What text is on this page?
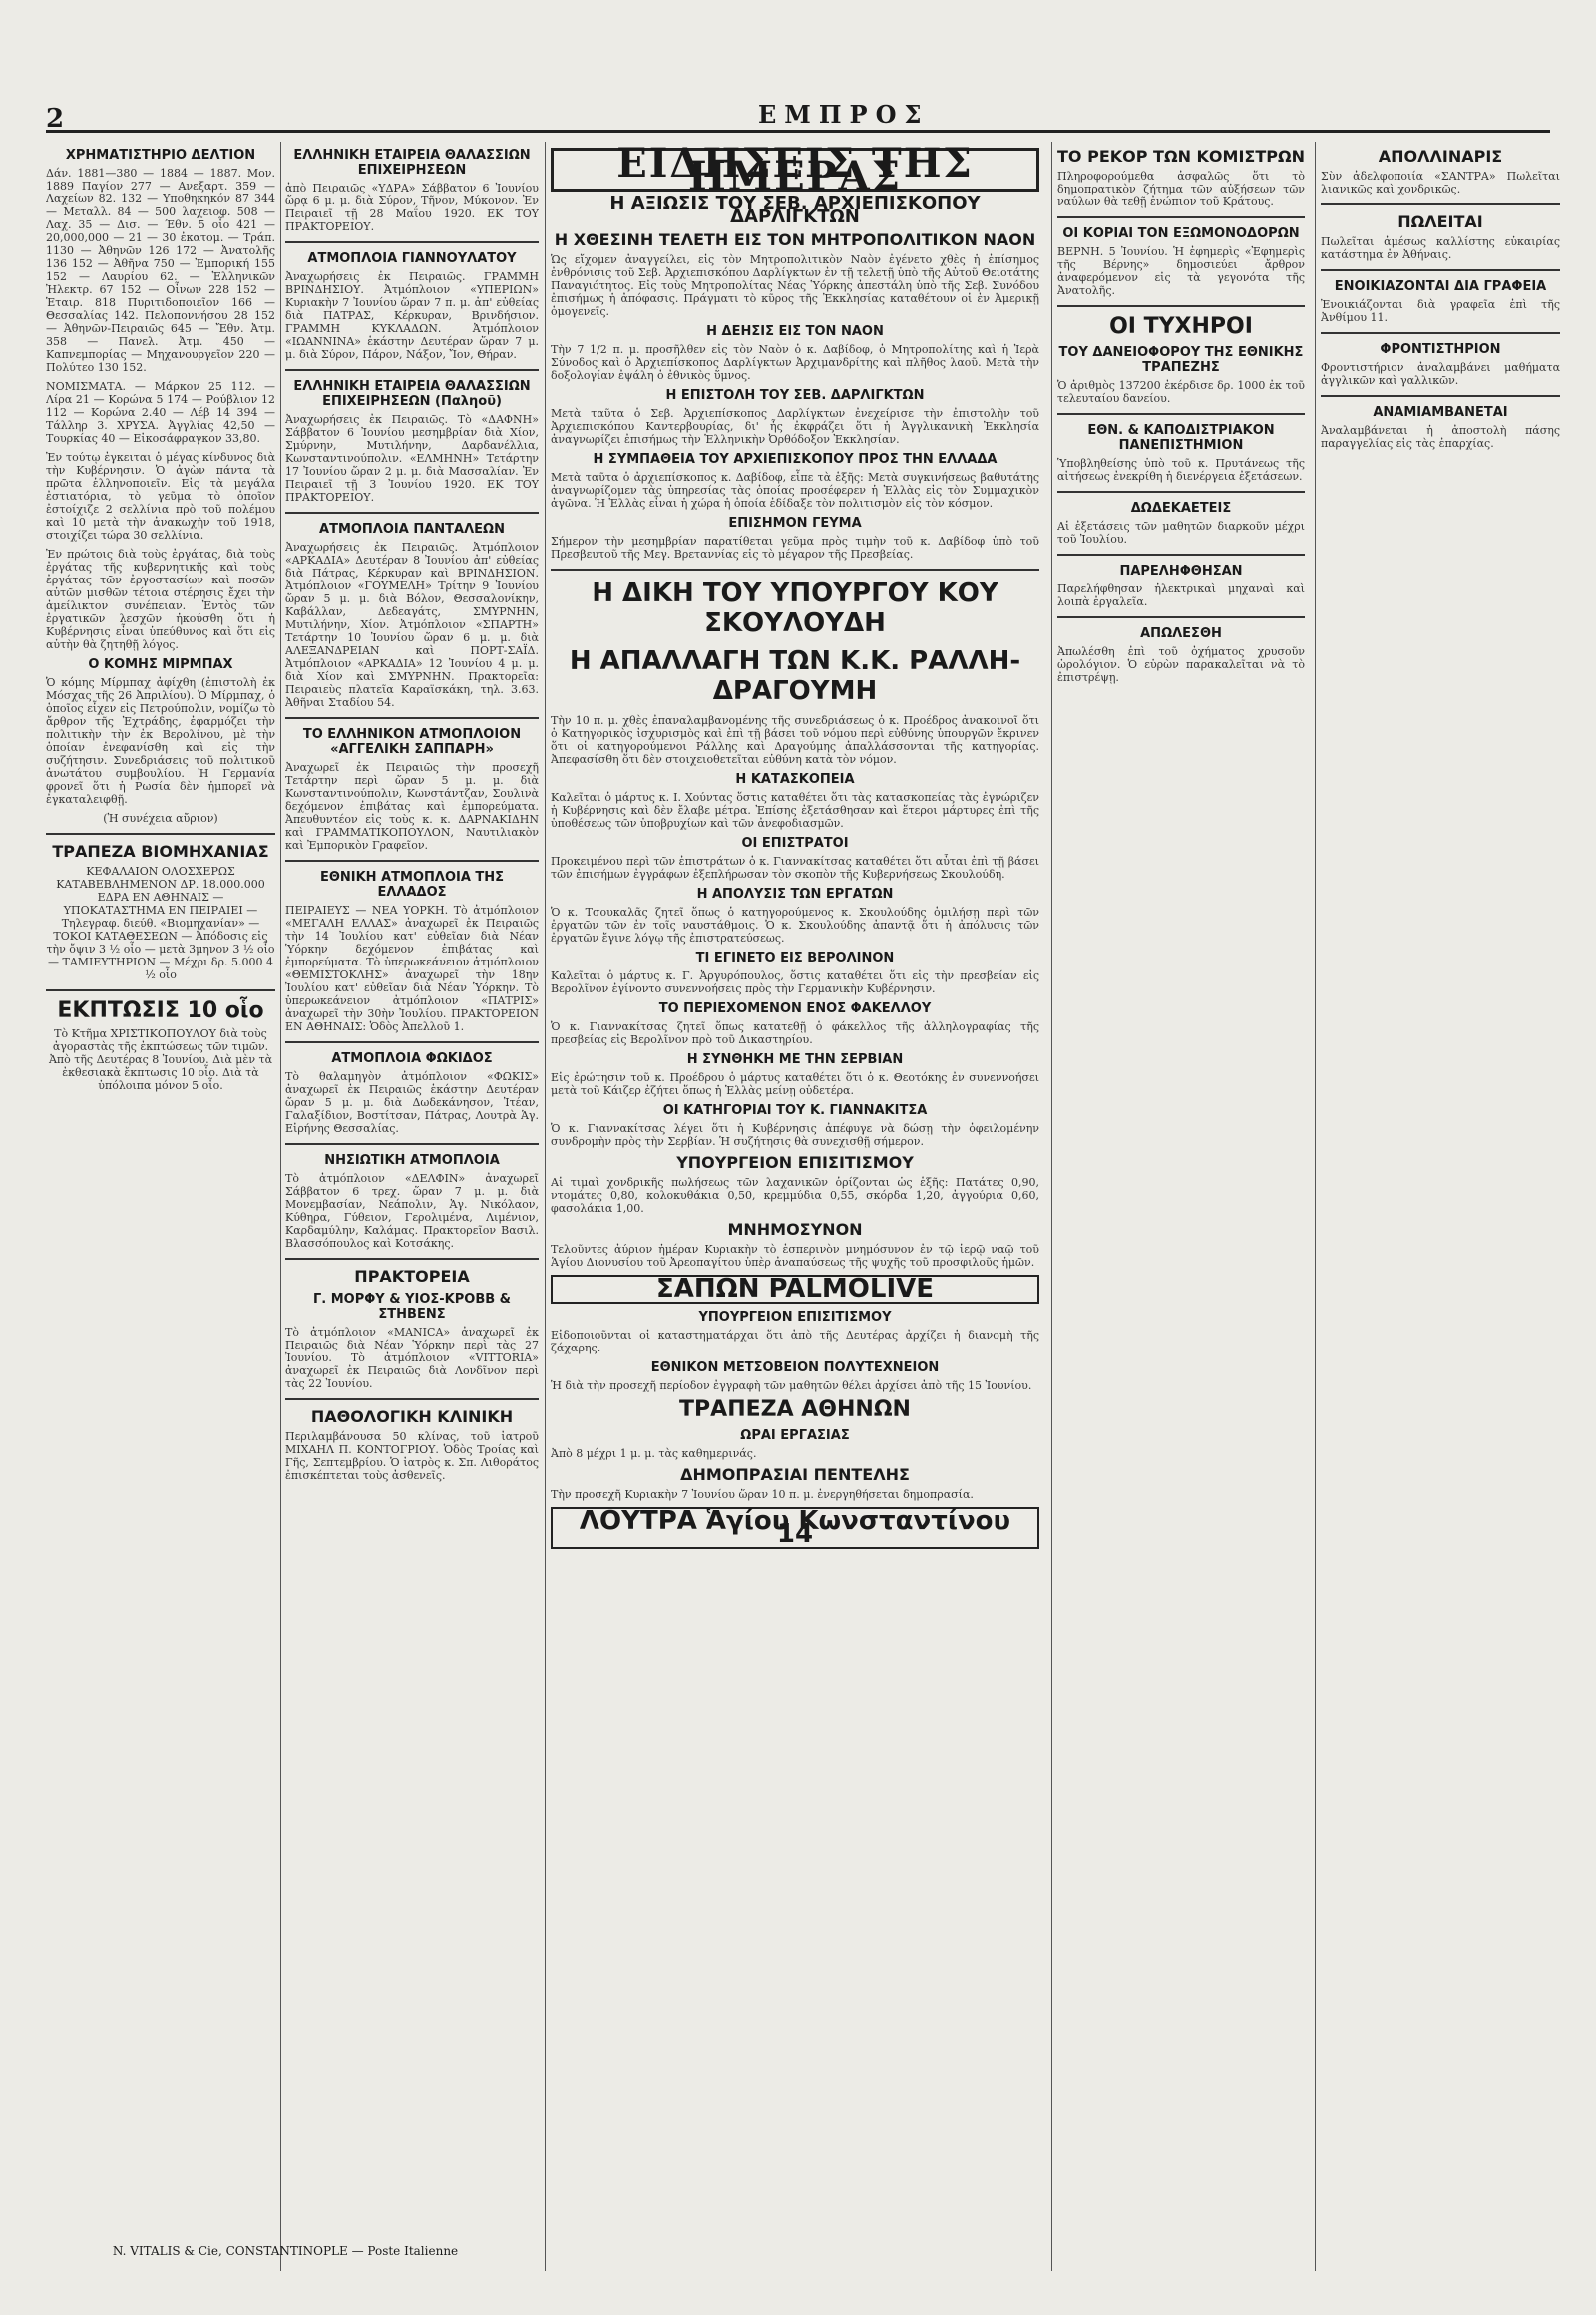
2	ΕΜΠΡΟΣ
ΧΡΗΜΑΤΙΣΤΗΡΙΟ ΔΕΛΤΙΟΝ
Δάν. 1881—380 — 1884 — 1887. Μον. 1889 Παγίον 277 — Ανεξαρτ. 359 — Λαχείων 82. 132 — Υποθηκηκόν 87 344 — Μεταλλ. 84 — 500 λαχειοφ. 508 — Λαχ. 35 — Δισ. — Έθν. 5 οἷο 421 — 20,000,000 — 21 — 30 ἐκατομ. — Τράπ. 1130 — Ἀθηνῶν 126 172 — Ἀνατολῆς 136 152 — Ἀθῆνα 750 — Ἐμπορική 155 152 — Λαυρίου 62. — Ἑλληνικῶν Ἠλεκτρ. 67 152 — Οἶνων 228 152 — Ἑταιρ. 818 Πυριτιδοποιεῖον 166 — Θεσσαλίας 142. Πελοποννήσου 28 152 — Ἀθηνῶν-Πειραιῶς 645 — Ἔθν. Ἀτμ. 358 — Πανελ. Ἀτμ. 450 — Καπνεμπορίας — Μηχανουργεῖον 220 — Πολύτεο 130 152.
ΝΟΜΙΣΜΑΤΑ. — Μάρκον 25 112. — Λίρα 21 — Κορώνα 5 174 — Ρούβλιον 12 112 — Κορώνα 2.40 — Λέβ 14 394 — Τάλληρ 3. ΧΡΥΣΑ. Ἀγγλίας 42,50 — Τουρκίας 40 — Εἰκοσάφραγκον 33,80.
Ἐν τούτῳ ἐγκειται ὁ μέγας κίνδυνος διὰ τὴν Κυβέρνησιν. Ὁ ἀγὼν πάντα τὰ πρῶτα ἑλληνοποιεῖν. Εἰς τὰ μεγάλα ἐστιατόρια, τὸ γεῦμα τὸ ὁποῖον ἐστοίχιζε 2 σελλίνια πρὸ τοῦ πολέμου καὶ 10 μετὰ τὴν ἀνακωχὴν τοῦ 1918, στοιχίζει τώρα 30 σελλίνια.
Ἐν πρώτοις διὰ τοὺς ἐργάτας, διὰ τοὺς ἐργάτας τῆς κυβερνητικῆς καὶ τοὺς ἐργάτας τῶν ἐργοστασίων καὶ ποσῶν αὐτῶν μισθῶν τέτοια στέρησις ἔχει τὴν ἀμείλικτον συνέπειαν. Ἐντὸς τῶν ἐργατικῶν λεσχῶν ἠκούσθη ὅτι ἡ Κυβέρνησις εἶναι ὑπεύθυνος καὶ ὅτι εἰς αὐτὴν θὰ ζητηθῇ λόγος.
Ο ΚΟΜΗΣ ΜΙΡΜΠΑΧ
Ὁ κόμης Μίρμπαχ ἀφίχθη (ἐπιστολὴ ἐκ Μόσχας τῆς 26 Ἀπριλίου). Ὁ Μίρμπαχ, ὁ ὁποῖος εἶχεν εἰς Πετρούπολιν, νομίζω τὸ ἄρθρον τῆς Ἐχτράδης, ἐφαρμόζει τὴν πολιτικὴν τὴν ἐκ Βερολίνου, μὲ τὴν ὁποίαν ἐνεφανίσθη καὶ εἰς τὴν συζήτησιν. Συνεδριάσεις τοῦ πολιτικοῦ ἀνωτάτου συμβουλίου. Ἡ Γερμανία φρονεῖ ὅτι ἡ Ρωσία δὲν ἠμπορεῖ νὰ ἐγκαταλειφθῇ.
(Ἡ συνέχεια αὔριον)
ΤΡΑΠΕΖΑ ΒΙΟΜΗΧΑΝΙΑΣ
ΚΕΦΑΛΑΙΟΝ ΟΛΟΣΧΕΡΩΣ ΚΑΤΑΒΕΒΛΗΜΕΝΟΝ ΔΡ. 18.000.000 ΕΔΡΑ ΕΝ ΑΘΗΝΑΙΣ — ΥΠΟΚΑΤΑΣΤΗΜΑ ΕΝ ΠΕΙΡΑΙΕΙ — Τηλεγραφ. διεύθ. «Βιομηχανίαν» — ΤΟΚΟΙ ΚΑΤΑΘΕΣΕΩΝ — Ἀπόδοσις εἰς τὴν ὄψιν 3 ½ οἷο — μετὰ 3μηνον 3 ½ οἷο — ΤΑΜΙΕΥΤΗΡΙΟΝ — Μέχρι δρ. 5.000 4 ½ οἷο
ΕΚΠΤΩΣΙΣ 10 οἷο
Τὸ Κτῆμα ΧΡΙΣΤΙΚΟΠΟΥΛΟΥ διὰ τοὺς ἀγοραστὰς τῆς ἐκπτώσεως τῶν τιμῶν. Ἀπὸ τῆς Δευτέρας 8 Ἰουνίου. Διὰ μὲν τὰ ἐκθεσιακὰ ἔκπτωσις 10 οἷο. Διὰ τὰ ὑπόλοιπα μόνον 5 οἷο.
ΕΛΛΗΝΙΚΗ ΕΤΑΙΡΕΙΑ ΘΑΛΑΣΣΙΩΝ ΕΠΙΧΕΙΡΗΣΕΩΝ
ἀπὸ Πειραιῶς «ΥΔΡΑ» Σάββατον 6 Ἰουνίου ὥρᾳ 6 μ. μ. διὰ Σύρον, Τῆνον, Μύκονον. Ἐν Πειραιεῖ τῇ 28 Μαΐου 1920. ΕΚ ΤΟΥ ΠΡΑΚΤΟΡΕΙΟΥ.
ΑΤΜΟΠΛΟΙΑ ΓΙΑΝΝΟΥΛΑΤΟΥ
Ἀναχωρήσεις ἐκ Πειραιῶς. ΓΡΑΜΜΗ ΒΡΙΝΔΗΣΙΟΥ. Ἀτμόπλοιον «ΥΠΕΡΙΩΝ» Κυριακὴν 7 Ἰουνίου ὥραν 7 π. μ. ἀπ' εὐθείας διὰ ΠΑΤΡΑΣ, Κέρκυραν, Βρινδήσιον. ΓΡΑΜΜΗ ΚΥΚΛΑΔΩΝ. Ἀτμόπλοιον «ΙΩΑΝΝΙΝΑ» ἑκάστην Δευτέραν ὥραν 7 μ. μ. διὰ Σύρον, Πάρον, Νάξον, Ἴον, Θήραν.
ΕΛΛΗΝΙΚΗ ΕΤΑΙΡΕΙΑ ΘΑΛΑΣΣΙΩΝ ΕΠΙΧΕΙΡΗΣΕΩΝ (Παληοῦ)
Ἀναχωρήσεις ἐκ Πειραιῶς. Τὸ «ΔΑΦΝΗ» Σάββατον 6 Ἰουνίου μεσημβρίαν διὰ Χίον, Σμύρνην, Μυτιλήνην, Δαρδανέλλια, Κωνσταντινούπολιν. «ΕΛΜΗΝΗ» Τετάρτην 17 Ἰουνίου ὥραν 2 μ. μ. διὰ Μασσαλίαν. Ἐν Πειραιεῖ τῇ 3 Ἰουνίου 1920. ΕΚ ΤΟΥ ΠΡΑΚΤΟΡΕΙΟΥ.
ΑΤΜΟΠΛΟΙΑ ΠΑΝΤΑΛΕΩΝ
Ἀναχωρήσεις ἐκ Πειραιῶς. Ἀτμόπλοιον «ΑΡΚΑΔΙΑ» Δευτέραν 8 Ἰουνίου ἀπ' εὐθείας διὰ Πάτρας, Κέρκυραν καὶ ΒΡΙΝΔΗΣΙΟΝ. Ἀτμόπλοιον «ΓΟΥΜΕΛΗ» Τρίτην 9 Ἰουνίου ὥραν 5 μ. μ. διὰ Βόλον, Θεσσαλονίκην, Καβάλλαν, Δεδεαγάτς, ΣΜΥΡΝΗΝ, Μυτιλήνην, Χίον. Ἀτμόπλοιον «ΣΠΑΡΤΗ» Τετάρτην 10 Ἰουνίου ὥραν 6 μ. μ. διὰ ΑΛΕΞΑΝΔΡΕΙΑΝ καὶ ΠΟΡΤ-ΣΑΪΔ. Ἀτμόπλοιον «ΑΡΚΑΔΙΑ» 12 Ἰουνίου 4 μ. μ. διὰ Χίον καὶ ΣΜΥΡΝΗΝ. Πρακτορεῖα: Πειραιεὺς πλατεῖα Καραϊσκάκη, τηλ. 3.63. Ἀθῆναι Σταδίου 54.
ΤΟ ΕΛΛΗΝΙΚΟΝ ΑΤΜΟΠΛΟΙΟΝ «ΑΓΓΕΛΙΚΗ ΣΑΠΠΑΡΗ»
Ἀναχωρεῖ ἐκ Πειραιῶς τὴν προσεχῆ Τετάρτην περὶ ὥραν 5 μ. μ. διὰ Κωνσταντινούπολιν, Κωνστάντζαν, Σουλινὰ δεχόμενον ἐπιβάτας καὶ ἐμπορεύματα. Ἀπευθυντέον εἰς τοὺς κ. κ. ΔΑΡΝΑΚΙΔΗΝ καὶ ΓΡΑΜΜΑΤΙΚΟΠΟΥΛΟΝ, Ναυτιλιακὸν καὶ Ἐμπορικὸν Γραφεῖον.
ΕΘΝΙΚΗ ΑΤΜΟΠΛΟΙΑ ΤΗΣ ΕΛΛΑΔΟΣ
ΠΕΙΡΑΙΕΥΣ — ΝΕΑ ΥΟΡΚΗ. Τὸ ἀτμόπλοιον «ΜΕΓΑΛΗ ΕΛΛΑΣ» ἀναχωρεῖ ἐκ Πειραιῶς τὴν 14 Ἰουλίου κατ' εὐθεῖαν διὰ Νέαν Ὑόρκην δεχόμενον ἐπιβάτας καὶ ἐμπορεύματα. Τὸ ὑπερωκεάνειον ἀτμόπλοιον «ΘΕΜΙΣΤΟΚΛΗΣ» ἀναχωρεῖ τὴν 18ην Ἰουλίου κατ' εὐθεῖαν διὰ Νέαν Ὑόρκην. Τὸ ὑπερωκεάνειον ἀτμόπλοιον «ΠΑΤΡΙΣ» ἀναχωρεῖ τὴν 30ὴν Ἰουλίου. ΠΡΑΚΤΟΡΕΙΟΝ ΕΝ ΑΘΗΝΑΙΣ: Ὁδὸς Ἀπελλοῦ 1.
ΑΤΜΟΠΛΟΙΑ ΦΩΚΙΔΟΣ
Τὸ θαλαμηγὸν ἀτμόπλοιον «ΦΩΚΙΣ» ἀναχωρεῖ ἐκ Πειραιῶς ἑκάστην Δευτέραν ὥραν 5 μ. μ. διὰ Δωδεκάνησον, Ἰτέαν, Γαλαξίδιον, Βοστίτσαν, Πάτρας, Λουτρὰ Ἁγ. Εἰρήνης Θεσσαλίας.
ΝΗΣΙΩΤΙΚΗ ΑΤΜΟΠΛΟΙΑ
Τὸ ἀτμόπλοιον «ΔΕΛΦΙΝ» ἀναχωρεῖ Σάββατον 6 τρεχ. ὥραν 7 μ. μ. διὰ Μονεμβασίαν, Νεάπολιν, Ἁγ. Νικόλαον, Κύθηρα, Γύθειον, Γερολιμένα, Λιμένιον, Καρδαμύλην, Καλάμας. Πρακτορεῖον Βασιλ. Βλασσόπουλος καὶ Κοτσάκης.
ΠΡΑΚΤΟΡΕΙΑ
Γ. ΜΟΡΦΥ & ΥΙΟΣ-ΚΡΟΒΒ & ΣΤΗΒΕΝΣ
Τὸ ἀτμόπλοιον «MANICA» ἀναχωρεῖ ἐκ Πειραιῶς διὰ Νέαν Ὑόρκην περὶ τὰς 27 Ἰουνίου. Τὸ ἀτμόπλοιον «VITTORIA» ἀναχωρεῖ ἐκ Πειραιῶς διὰ Λονδῖνον περὶ τὰς 22 Ἰουνίου.
ΠΑΘΟΛΟΓΙΚΗ ΚΛΙΝΙΚΗ
Περιλαμβάνουσα 50 κλίνας, τοῦ ἰατροῦ ΜΙΧΑΗΛ Π. ΚΟΝΤΟΓΡΙΟΥ. Ὁδὸς Τροίας καὶ Γῆς, Σεπτεμβρίου. Ὁ ἰατρὸς κ. Σπ. Λιθοράτος ἐπισκέπτεται τοὺς ἀσθενεῖς.
ΕΙΔΗΣΕΙΣ ΤΗΣ ΗΜΕΡΑΣ
Η ΑΞΙΩΣΙΣ ΤΟΥ ΣΕΒ. ΑΡΧΙΕΠΙΣΚΟΠΟΥ ΔΑΡΛΙΓΚΤΩΝ
Η ΧΘΕΣΙΝΗ ΤΕΛΕΤΗ ΕΙΣ ΤΟΝ ΜΗΤΡΟΠΟΛΙΤΙΚΟΝ ΝΑΟΝ
Ὡς εἴχομεν ἀναγγείλει, εἰς τὸν Μητροπολιτικὸν Ναὸν ἐγένετο χθὲς ἡ ἐπίσημος ἐνθρόνισις τοῦ Σεβ. Ἀρχιεπισκόπου Δαρλίγκτων ἐν τῇ τελετῇ ὑπὸ τῆς Αὐτοῦ Θειοτάτης Παναγιότητος. Εἰς τοὺς Μητροπολίτας Νέας Ὑόρκης ἀπεστάλη ὑπὸ τῆς Σεβ. Συνόδου ἐπισήμως ἡ ἀπόφασις. Πράγματι τὸ κῦρος τῆς Ἐκκλησίας καταθέτουν οἱ ἐν Ἀμερικῇ ὁμογενεῖς.
Η ΔΕΗΣΙΣ ΕΙΣ ΤΟΝ ΝΑΟΝ
Τὴν 7 1/2 π. μ. προσῆλθεν εἰς τὸν Ναὸν ὁ κ. Δαβίδοφ, ὁ Μητροπολίτης καὶ ἡ Ἱερὰ Σύνοδος καὶ ὁ Ἀρχιεπίσκοπος Δαρλίγκτων Ἀρχιμανδρίτης καὶ πλῆθος λαοῦ. Μετὰ τὴν δοξολογίαν ἐψάλη ὁ ἐθνικὸς ὕμνος.
Η ΕΠΙΣΤΟΛΗ ΤΟΥ ΣΕΒ. ΔΑΡΛΙΓΚΤΩΝ
Μετὰ ταῦτα ὁ Σεβ. Ἀρχιεπίσκοπος Δαρλίγκτων ἐνεχείρισε τὴν ἐπιστολὴν τοῦ Ἀρχιεπισκόπου Καντερβουρίας, δι' ἧς ἐκφράζει ὅτι ἡ Ἀγγλικανικὴ Ἐκκλησία ἀναγνωρίζει ἐπισήμως τὴν Ἑλληνικὴν Ὀρθόδοξον Ἐκκλησίαν.
Η ΣΥΜΠΑΘΕΙΑ ΤΟΥ ΑΡΧΙΕΠΙΣΚΟΠΟΥ ΠΡΟΣ ΤΗΝ ΕΛΛΑΔΑ
Μετὰ ταῦτα ὁ ἀρχιεπίσκοπος κ. Δαβίδοφ, εἶπε τὰ ἑξῆς: Μετὰ συγκινήσεως βαθυτάτης ἀναγνωρίζομεν τὰς ὑπηρεσίας τὰς ὁποίας προσέφερεν ἡ Ἑλλὰς εἰς τὸν Συμμαχικὸν ἀγῶνα. Ἡ Ἑλλὰς εἶναι ἡ χώρα ἡ ὁποία ἐδίδαξε τὸν πολιτισμὸν εἰς τὸν κόσμον.
ΕΠΙΣΗΜΟΝ ΓΕΥΜΑ
Σήμερον τὴν μεσημβρίαν παρατίθεται γεῦμα πρὸς τιμὴν τοῦ κ. Δαβίδοφ ὑπὸ τοῦ Πρεσβευτοῦ τῆς Μεγ. Βρεταννίας εἰς τὸ μέγαρον τῆς Πρεσβείας.
Η ΔΙΚΗ ΤΟΥ ΥΠΟΥΡΓΟΥ ΚΟΥ ΣΚΟΥΛΟΥΔΗ
Η ΑΠΑΛΛΑΓΗ ΤΩΝ Κ.Κ. ΡΑΛΛΗ-ΔΡΑΓΟΥΜΗ
Τὴν 10 π. μ. χθὲς ἐπαναλαμβανομένης τῆς συνεδριάσεως ὁ κ. Προέδρος ἀνακοινοῖ ὅτι ὁ Κατηγορικὸς ἰσχυρισμὸς καὶ ἐπὶ τῇ βάσει τοῦ νόμου περὶ εὐθύνης ὑπουργῶν ἔκρινεν ὅτι οἱ κατηγορούμενοι Ράλλης καὶ Δραγούμης ἀπαλλάσσονται τῆς κατηγορίας. Ἀπεφασίσθη ὅτι δὲν στοιχειοθετεῖται εὐθύνη κατὰ τὸν νόμον.
Η ΚΑΤΑΣΚΟΠΕΙΑ
Καλεῖται ὁ μάρτυς κ. Ι. Χούντας ὅστις καταθέτει ὅτι τὰς κατασκοπείας τὰς ἐγνώριζεν ἡ Κυβέρνησις καὶ δὲν ἔλαβε μέτρα. Ἐπίσης ἐξετάσθησαν καὶ ἕτεροι μάρτυρες ἐπὶ τῆς ὑποθέσεως τῶν ὑποβρυχίων καὶ τῶν ἀνεφοδιασμῶν.
ΟΙ ΕΠΙΣΤΡΑΤΟΙ
Προκειμένου περὶ τῶν ἐπιστράτων ὁ κ. Γιαννακίτσας καταθέτει ὅτι αὗται ἐπὶ τῇ βάσει τῶν ἐπισήμων ἐγγράφων ἐξεπλήρωσαν τὸν σκοπὸν τῆς Κυβερνήσεως Σκουλούδη.
Η ΑΠΟΛΥΣΙΣ ΤΩΝ ΕΡΓΑΤΩΝ
Ὁ κ. Τσουκαλᾶς ζητεῖ ὅπως ὁ κατηγορούμενος κ. Σκουλούδης ὁμιλήσῃ περὶ τῶν ἐργατῶν τῶν ἐν τοῖς ναυστάθμοις. Ὁ κ. Σκουλούδης ἀπαντᾷ ὅτι ἡ ἀπόλυσις τῶν ἐργατῶν ἔγινε λόγῳ τῆς ἐπιστρατεύσεως.
ΤΙ ΕΓΙΝΕΤΟ ΕΙΣ ΒΕΡΟΛΙΝΟΝ
Καλεῖται ὁ μάρτυς κ. Γ. Ἀργυρόπουλος, ὅστις καταθέτει ὅτι εἰς τὴν πρεσβείαν εἰς Βερολῖνον ἐγίνοντο συνεννοήσεις πρὸς τὴν Γερμανικὴν Κυβέρνησιν.
ΤΟ ΠΕΡΙΕΧΟΜΕΝΟΝ ΕΝΟΣ ΦΑΚΕΛΛΟΥ
Ὁ κ. Γιαννακίτσας ζητεῖ ὅπως κατατεθῇ ὁ φάκελλος τῆς ἀλληλογραφίας τῆς πρεσβείας εἰς Βερολῖνον πρὸ τοῦ Δικαστηρίου.
Η ΣΥΝΘΗΚΗ ΜΕ ΤΗΝ ΣΕΡΒΙΑΝ
Εἰς ἐρώτησιν τοῦ κ. Προέδρου ὁ μάρτυς καταθέτει ὅτι ὁ κ. Θεοτόκης ἐν συνεννοήσει μετὰ τοῦ Κάιζερ ἐζήτει ὅπως ἡ Ἑλλὰς μείνῃ οὐδετέρα.
ΟΙ ΚΑΤΗΓΟΡΙΑΙ ΤΟΥ Κ. ΓΙΑΝΝΑΚΙΤΣΑ
Ὁ κ. Γιαννακίτσας λέγει ὅτι ἡ Κυβέρνησις ἀπέφυγε νὰ δώσῃ τὴν ὀφειλομένην συνδρομὴν πρὸς τὴν Σερβίαν. Ἡ συζήτησις θὰ συνεχισθῇ σήμερον.
ΥΠΟΥΡΓΕΙΟΝ ΕΠΙΣΙΤΙΣΜΟΥ
Αἱ τιμαὶ χονδρικῆς πωλήσεως τῶν λαχανικῶν ὁρίζονται ὡς ἑξῆς: Πατάτες 0,90, ντομάτες 0,80, κολοκυθάκια 0,50, κρεμμύδια 0,55, σκόρδα 1,20, ἀγγούρια 0,60, φασολάκια 1,00.
ΜΝΗΜΟΣΥΝΟΝ
Τελοῦντες ἀύριον ἡμέραν Κυριακὴν τὸ ἑσπερινὸν μνημόσυνον ἐν τῷ ἱερῷ ναῷ τοῦ Ἁγίου Διονυσίου τοῦ Ἀρεοπαγίτου ὑπὲρ ἀναπαύσεως τῆς ψυχῆς τοῦ προσφιλοῦς ἡμῶν.
ΣΑΠΩΝ PALMOLIVE
ΥΠΟΥΡΓΕΙΟΝ ΕΠΙΣΙΤΙΣΜΟΥ
Εἰδοποιοῦνται οἱ καταστηματάρχαι ὅτι ἀπὸ τῆς Δευτέρας ἀρχίζει ἡ διανομὴ τῆς ζάχαρης.
ΕΘΝΙΚΟΝ ΜΕΤΣΟΒΕΙΟΝ ΠΟΛΥΤΕΧΝΕΙΟΝ
Ἡ διὰ τὴν προσεχῆ περίοδον ἐγγραφὴ τῶν μαθητῶν θέλει ἀρχίσει ἀπὸ τῆς 15 Ἰουνίου.
ΤΡΑΠΕΖΑ ΑΘΗΝΩΝ
ΩΡΑΙ ΕΡΓΑΣΙΑΣ
Ἀπὸ 8 μέχρι 1 μ. μ. τὰς καθημερινάς.
ΔΗΜΟΠΡΑΣΙΑΙ ΠΕΝΤΕΛΗΣ
Τὴν προσεχῆ Κυριακὴν 7 Ἰουνίου ὥραν 10 π. μ. ἐνεργηθήσεται δημοπρασία.
ΛΟΥΤΡΑ Ἁγίου Κωνσταντίνου 14
ΤΟ ΡΕΚΟΡ ΤΩΝ ΚΟΜΙΣΤΡΩΝ
Πληροφορούμεθα ἀσφαλῶς ὅτι τὸ δημοπρατικὸν ζήτημα τῶν αὐξήσεων τῶν ναύλων θὰ τεθῇ ἐνώπιον τοῦ Κράτους.
ΟΙ ΚΟΡΙΑΙ ΤΟΝ ΕΞΩΜΟΝΟΔΟΡΩΝ
ΒΕΡΝΗ. 5 Ἰουνίου. Ἡ ἐφημερὶς «Ἐφημερὶς τῆς Βέρνης» δημοσιεύει ἄρθρον ἀναφερόμενον εἰς τὰ γεγονότα τῆς Ἀνατολῆς.
ΟΙ ΤΥΧΗΡΟΙ
ΤΟΥ ΔΑΝΕΙΟΦΟΡΟΥ ΤΗΣ ΕΘΝΙΚΗΣ ΤΡΑΠΕΖΗΣ
Ὁ ἀριθμὸς 137200 ἐκέρδισε δρ. 1000 ἐκ τοῦ τελευταίου δανείου.
ΕΘΝ. & ΚΑΠΟΔΙΣΤΡΙΑΚΟΝ ΠΑΝΕΠΙΣΤΗΜΙΟΝ
Ὑποβληθείσης ὑπὸ τοῦ κ. Πρυτάνεως τῆς αἰτήσεως ἐνεκρίθη ἡ διενέργεια ἐξετάσεων.
ΔΩΔΕΚΑΕΤΕΙΣ
Αἱ ἐξετάσεις τῶν μαθητῶν διαρκοῦν μέχρι τοῦ Ἰουλίου.
ΠΑΡΕΛΗΦΘΗΣΑΝ
Παρελήφθησαν ἠλεκτρικαὶ μηχαναὶ καὶ λοιπὰ ἐργαλεῖα.
ΑΠΩΛΕΣΘΗ
Ἀπωλέσθη ἐπὶ τοῦ ὀχήματος χρυσοῦν ὡρολόγιον. Ὁ εὑρὼν παρακαλεῖται νὰ τὸ ἐπιστρέψῃ.
ΑΠΟΛΛΙΝΑΡΙΣ
Σὺν ἀδελφοποιία «ΣΑΝΤΡΑ» Πωλεῖται λιανικῶς καὶ χονδρικῶς.
ΠΩΛΕΙΤΑΙ
Πωλεῖται ἀμέσως καλλίστης εὐκαιρίας κατάστημα ἐν Ἀθήναις.
ΕΝΟΙΚΙΑΖΟΝΤΑΙ ΔΙΑ ΓΡΑΦΕΙΑ
Ἐνοικιάζονται διὰ γραφεῖα ἐπὶ τῆς Ἀνθίμου 11.
ΦΡΟΝΤΙΣΤΗΡΙΟΝ
Φροντιστήριον ἀναλαμβάνει μαθήματα ἀγγλικῶν καὶ γαλλικῶν.
ΑΝΑΜΙΑΜΒΑΝΕΤΑΙ
Ἀναλαμβάνεται ἡ ἀποστολὴ πάσης παραγγελίας εἰς τὰς ἐπαρχίας.
N. VITALIS & Cie, CONSTANTINOPLE — Poste Italienne
